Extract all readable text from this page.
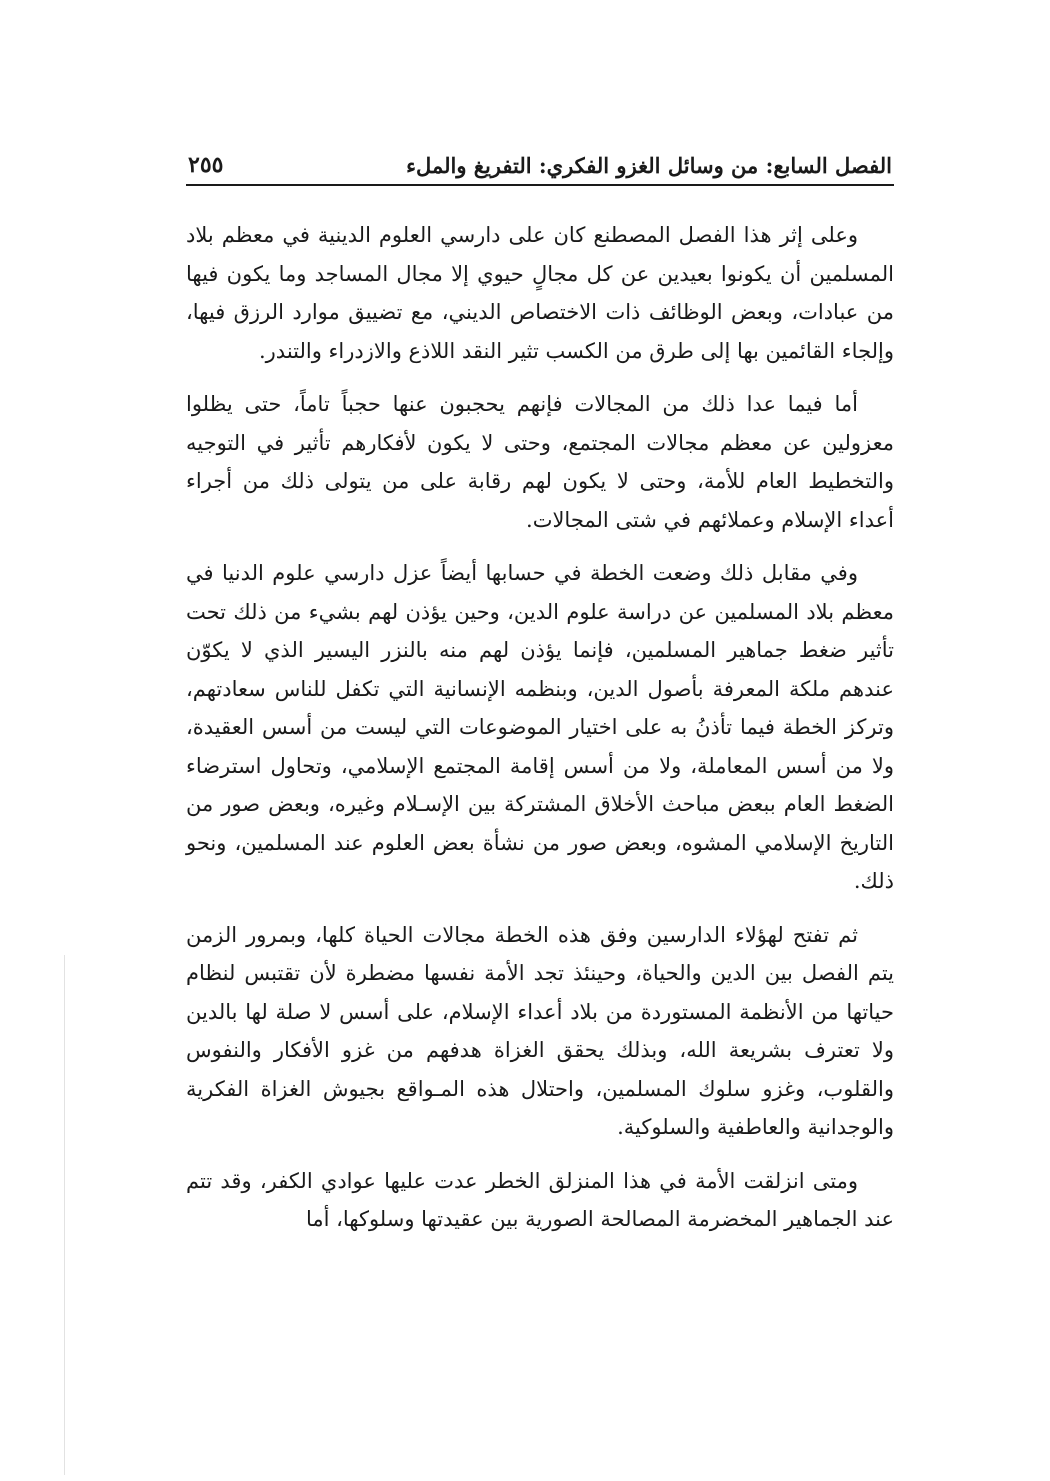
الفصل السابع: من وسائل الغزو الفكري: التفريغ والملء
٢٥٥

وعلى إثر هذا الفصل المصطنع كان على دارسي العلوم الدينية في معظم بلاد المسلمين أن يكونوا بعيدين عن كل مجالٍ حيوي إلا مجال المساجد وما يكون فيها من عبادات، وبعض الوظائف ذات الاختصاص الديني، مع تضييق موارد الرزق فيها، وإلجاء القائمين بها إلى طرق من الكسب تثير النقد اللاذع والازدراء والتندر.

أما فيما عدا ذلك من المجالات فإنهم يحجبون عنها حجباً تاماً، حتى يظلوا معزولين عن معظم مجالات المجتمع، وحتى لا يكون لأفكارهم تأثير في التوجيه والتخطيط العام للأمة، وحتى لا يكون لهم رقابة على من يتولى ذلك من أجراء أعداء الإسلام وعملائهم في شتى المجالات.

وفي مقابل ذلك وضعت الخطة في حسابها أيضاً عزل دارسي علوم الدنيا في معظم بلاد المسلمين عن دراسة علوم الدين، وحين يؤذن لهم بشيء من ذلك تحت تأثير ضغط جماهير المسلمين، فإنما يؤذن لهم منه بالنزر اليسير الذي لا يكوّن عندهم ملكة المعرفة بأصول الدين، وبنظمه الإنسانية التي تكفل للناس سعادتهم، وتركز الخطة فيما تأذنُ به على اختيار الموضوعات التي ليست من أسس العقيدة، ولا من أسس المعاملة، ولا من أسس إقامة المجتمع الإسلامي، وتحاول استرضاء الضغط العام ببعض مباحث الأخلاق المشتركة بين الإسـلام وغيره، وبعض صور من التاريخ الإسلامي المشوه، وبعض صور من نشأة بعض العلوم عند المسلمين، ونحو ذلك.

ثم تفتح لهؤلاء الدارسين وفق هذه الخطة مجالات الحياة كلها، وبمرور الزمن يتم الفصل بين الدين والحياة، وحينئذ تجد الأمة نفسها مضطرة لأن تقتبس لنظام حياتها من الأنظمة المستوردة من بلاد أعداء الإسلام، على أسس لا صلة لها بالدين ولا تعترف بشريعة الله، وبذلك يحقق الغزاة هدفهم من غزو الأفكار والنفوس والقلوب، وغزو سلوك المسلمين، واحتلال هذه المـواقع بجيوش الغزاة الفكرية والوجدانية والعاطفية والسلوكية.

ومتى انزلقت الأمة في هذا المنزلق الخطر عدت عليها عوادي الكفر، وقد تتم عند الجماهير المخضرمة المصالحة الصورية بين عقيدتها وسلوكها، أما
